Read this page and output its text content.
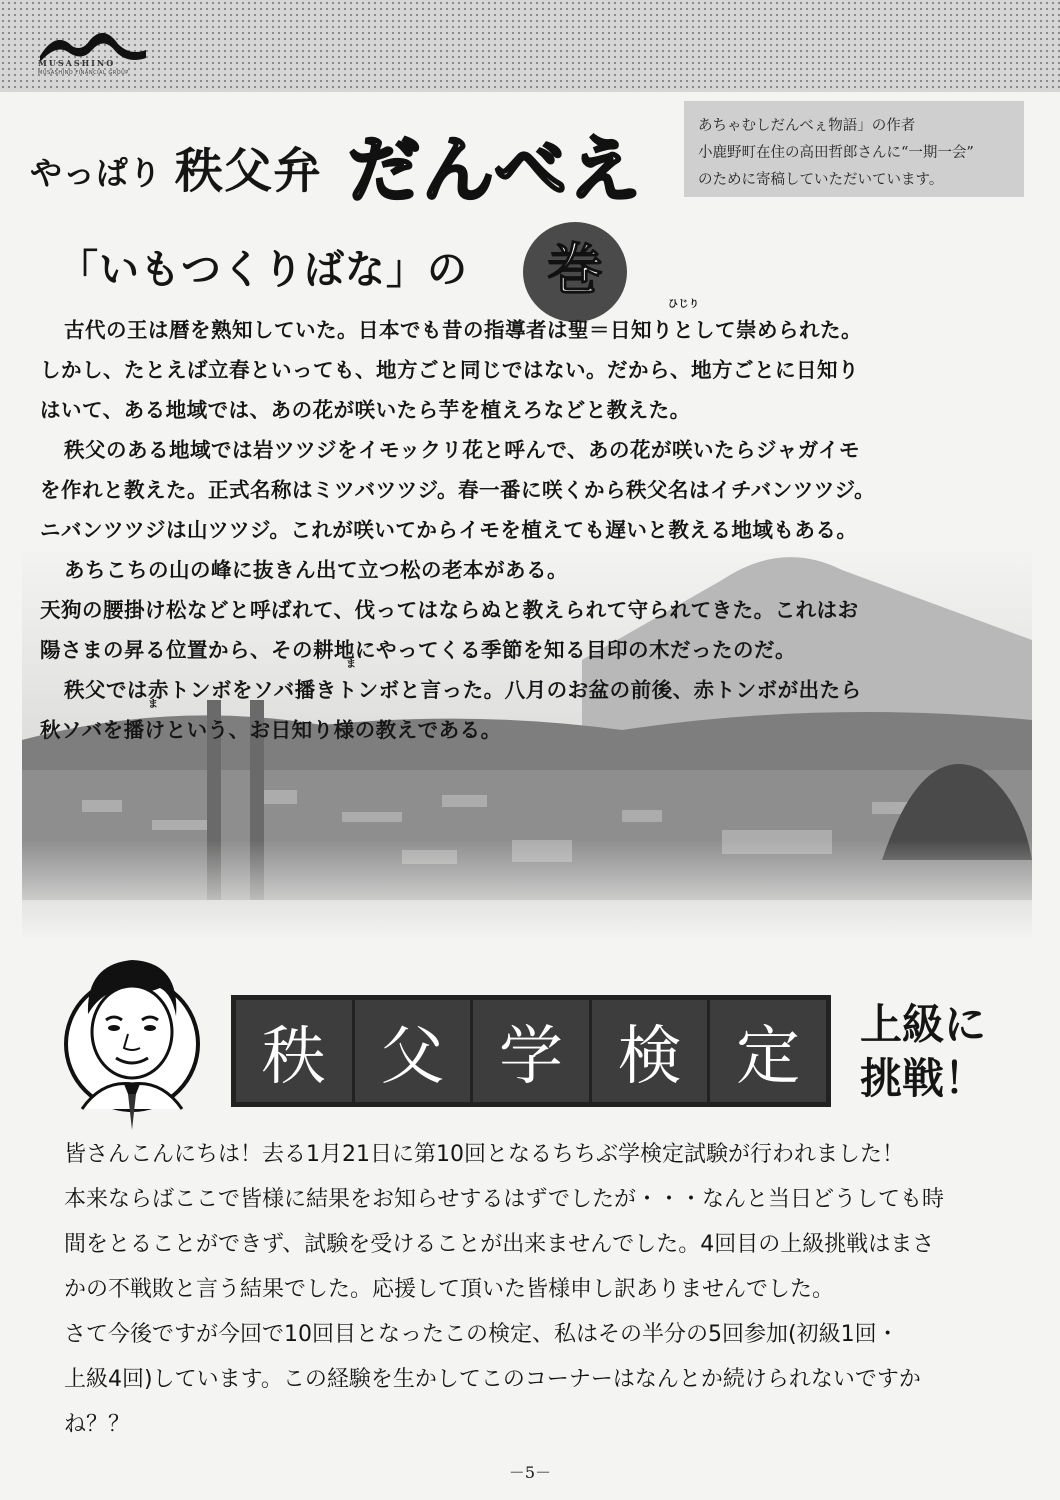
MUSASHINO
MUSASHINO FINANCIAL GROUP
やっぱり 秩父弁 だんべえ
あちゃむしだんべぇ物語」の作者
小鹿野町在住の高田哲郎さんに“一期一会”
のために寄稿していただいています。
「いもつくりばな」の	巻
ひじり
古代の王は暦を熟知していた。日本でも昔の指導者は聖＝日知りとして崇められた。
しかし、たとえば立春といっても、地方ごと同じではない。だから、地方ごとに日知り
はいて、ある地域では、あの花が咲いたら芋を植えろなどと教えた。
秩父のある地域では岩ツツジをイモックリ花と呼んで、あの花が咲いたらジャガイモ
を作れと教えた。正式名称はミツバツツジ。春一番に咲くから秩父名はイチバンツツジ。
ニバンツツジは山ツツジ。これが咲いてからイモを植えても遅いと教える地域もある。
あちこちの山の峰に抜きん出て立つ松の老本がある。
天狗の腰掛け松などと呼ばれて、伐ってはならぬと教えられて守られてきた。これはお
陽さまの昇る位置から、その耕地にやってくる季節を知る目印の木だったのだ。
ま
秩父では赤トンボをソバ播きトンボと言った。八月のお盆の前後、赤トンボが出たら
ま
秋ソバを播けという、お日知り様の教えである。
秩 父 学 検 定	上級に
挑戦！
皆さんこんにちは！去る1月21日に第10回となるちちぶ学検定試験が行われました！
本来ならばここで皆様に結果をお知らせするはずでしたが・・・なんと当日どうしても時
間をとることができず、試験を受けることが出来ませんでした。4回目の上級挑戦はまさ
かの不戦敗と言う結果でした。応援して頂いた皆様申し訳ありませんでした。
さて今後ですが今回で10回目となったこの検定、私はその半分の5回参加(初級1回・
上級4回)しています。この経験を生かしてこのコーナーはなんとか続けられないですか
ね？？
－5－
